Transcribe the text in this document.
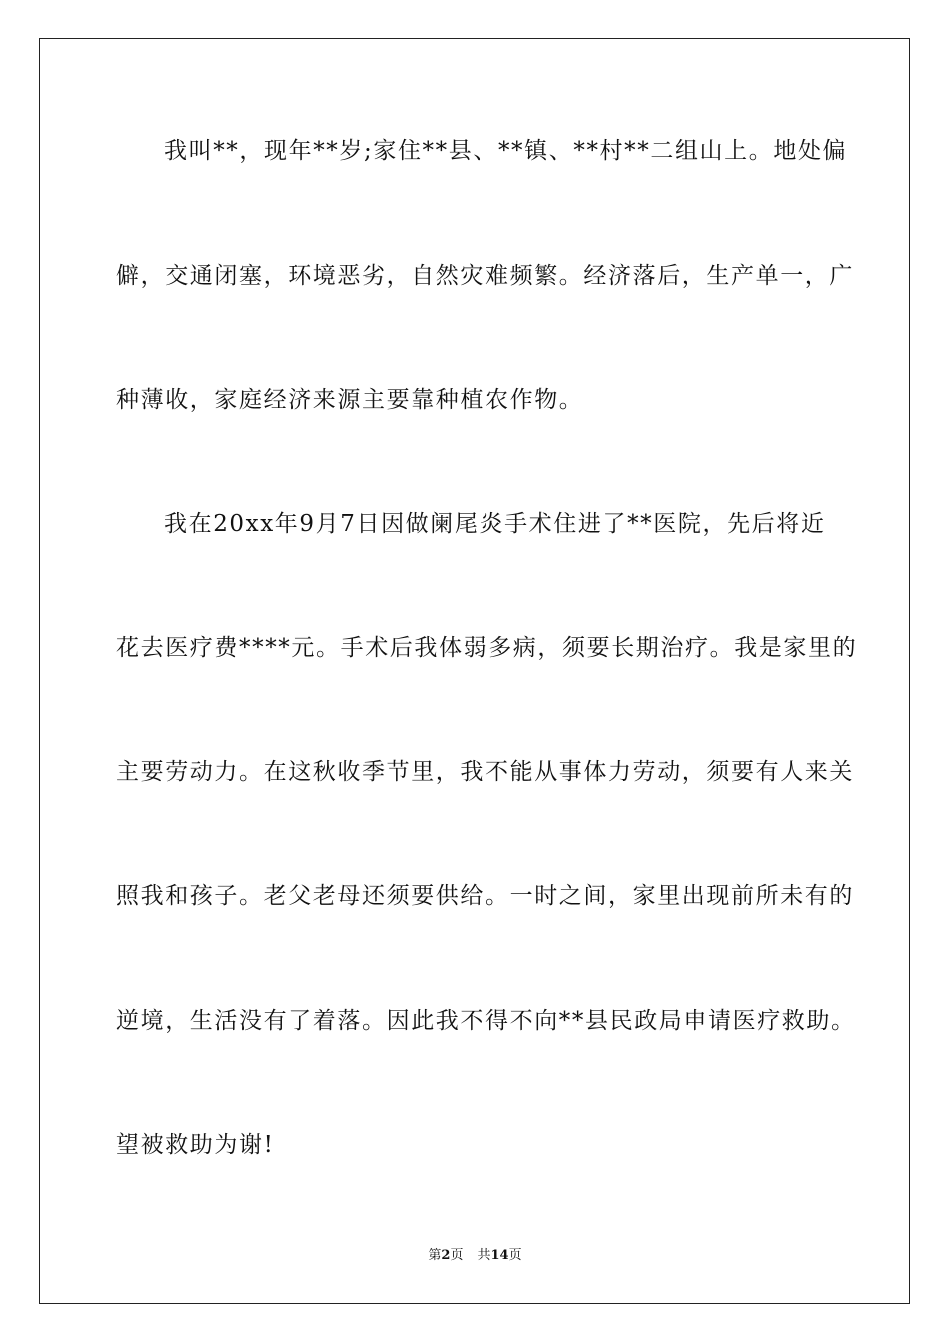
我叫**，现年**岁;家住**县、**镇、**村**二组山上。地处偏
僻，交通闭塞，环境恶劣，自然灾难频繁。经济落后，生产单一，广
种薄收，家庭经济来源主要靠种植农作物。
我在20xx年9月7日因做阑尾炎手术住进了**医院，先后将近
花去医疗费****元。手术后我体弱多病，须要长期治疗。我是家里的
主要劳动力。在这秋收季节里，我不能从事体力劳动，须要有人来关
照我和孩子。老父老母还须要供给。一时之间，家里出现前所未有的
逆境，生活没有了着落。因此我不得不向**县民政局申请医疗救助。
望被救助为谢!
第2页 共14页
